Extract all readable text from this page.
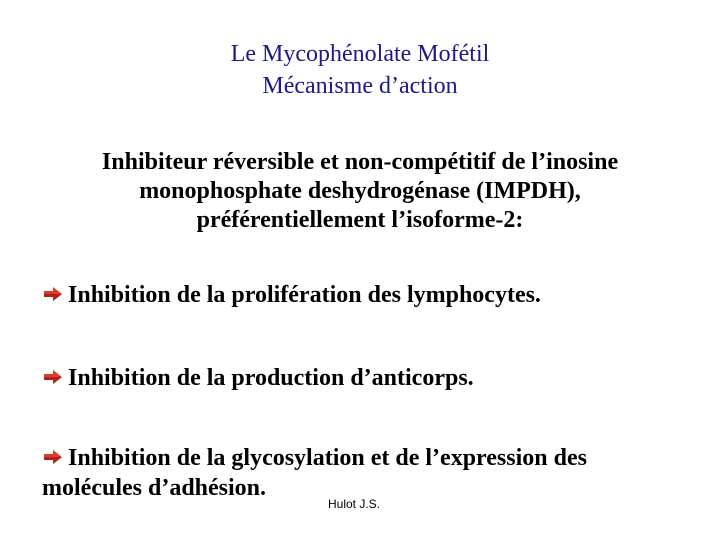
Le Mycophénolate Mofétil
Mécanisme d’action
Inhibiteur réversible et non-compétitif de l’inosine
monophosphate deshydrogénase (IMPDH),
préférentiellement l’isoforme-2:
Inhibition de la prolifération des lymphocytes.
Inhibition de la production d’anticorps.
Inhibition de la glycosylation et de l’expression des
molécules d’adhésion.
Hulot J.S.
